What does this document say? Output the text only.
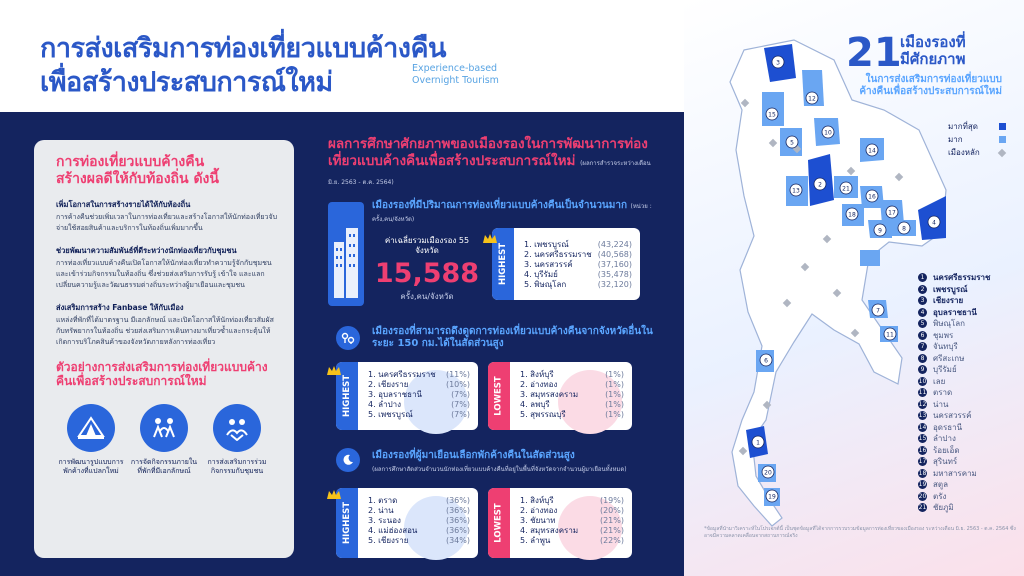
การส่งเสริมการท่องเที่ยวแบบค้างคืน
เพื่อสร้างประสบการณ์ใหม่	Experience-based
Overnight Tourism
การท่องเที่ยวแบบค้างคืน
สร้างผลดีให้กับท้องถิ่น ดังนี้
เพิ่มโอกาสในการสร้างรายได้ให้กับท้องถิ่น
การค้างคืนช่วยเพิ่มเวลาในการท่องเที่ยวและสร้างโอกาสให้นักท่องเที่ยวจับจ่ายใช้สอยสินค้าและบริการในท้องถิ่นเพิ่มมากขึ้น
ช่วยพัฒนาความสัมพันธ์ที่ดีระหว่างนักท่องเที่ยวกับชุมชน
การท่องเที่ยวแบบค้างคืนเปิดโอกาสให้นักท่องเที่ยวทำความรู้จักกับชุมชนและเข้าร่วมกิจกรรมในท้องถิ่น ซึ่งช่วยส่งเสริมการรับรู้ เข้าใจ และแลกเปลี่ยนความรู้และวัฒนธรรมต่างถิ่นระหว่างผู้มาเยือนและชุมชน
ส่งเสริมการสร้าง Fanbase ให้กับเมือง
แหล่งที่พักที่ได้มาตรฐาน มีเอกลักษณ์ และเปิดโอกาสให้นักท่องเที่ยวสัมผัสกับทรัพยากรในท้องถิ่น ช่วยส่งเสริมการเดินทางมาเที่ยวซ้ำและกระตุ้นให้เกิดการบริโภคสินค้าของจังหวัดภายหลังการท่องเที่ยว
ตัวอย่างการส่งเสริมการท่องเที่ยวแบบค้างคืนเพื่อสร้างประสบการณ์ใหม่
การพัฒนารูปแบบการพักค้างที่แปลกใหม่
การจัดกิจกรรมภายในที่พักที่มีเอกลักษณ์
การส่งเสริมการร่วมกิจกรรมกับชุมชน
ผลการศึกษาศักยภาพของเมืองรองในการพัฒนาการท่องเที่ยวแบบค้างคืนเพื่อสร้างประสบการณ์ใหม่ (ผลการสำรวจระหว่างเดือนมิ.ย. 2563 - ต.ค. 2564)
เมืองรองที่มีปริมาณการท่องเที่ยวแบบค้างคืนเป็นจำนวนมาก (หน่วย : ครั้ง,คน/จังหวัด)
ค่าเฉลี่ยรวมเมืองรอง 55 จังหวัด
15,588
ครั้ง,คน/จังหวัด
HIGHEST 1. เพชรบูรณ์	(43,224)
2. นครศรีธรรมราช (40,568)
3. นครสวรรค์	(37,160)
4. บุรีรัมย์	(35,478)
5. พิษณุโลก	(32,120)
เมืองรองที่สามารถดึงดูดการท่องเที่ยวแบบค้างคืนจากจังหวัดอื่นในระยะ 150 กม.ได้ในสัดส่วนสูง
HIGHEST
1. นครศรีธรรมราช (11%)
2. เชียงราย	(10%)
3. อุบลราชธานี	(7%)
4. ลำปาง	(7%)
5. เพชรบูรณ์	(7%)	LOWEST
1. สิงห์บุรี	(1%)
2. อ่างทอง	(1%)
3. สมุทรสงคราม	(1%)
4. ลพบุรี	(1%)
5. สุพรรณบุรี	(1%)
เมืองรองที่ผู้มาเยือนเลือกพักค้างคืนในสัดส่วนสูง
(ผลการศึกษาสัดส่วนจำนวนนักท่องเที่ยวแบบค้างคืนที่อยู่ในพื้นที่จังหวัดจากจำนวนผู้มาเยือนทั้งหมด)
HIGHEST
1. ตราด	(36%)
2. น่าน	(36%)
3. ระนอง	(36%)
4. แม่ฮ่องสอน	(36%)
5. เชียงราย	(34%)	LOWEST
1. สิงห์บุรี	(19%)
2. อ่างทอง	(20%)
3. ชัยนาท	(21%)
4. สมุทรสงคราม	(21%)
5. ลำพูน	(22%)
3
12
15
5
10
14
13
2
21
16
18
9	8
17
4
11
7
6
1
20
19
21
เมืองรองที่
มีศักยภาพ
ในการส่งเสริมการท่องเที่ยวแบบ
ค้างคืนเพื่อสร้างประสบการณ์ใหม่
มากที่สุด
มาก
เมืองหลัก
1	นครศรีธรรมราช
2	เพชรบูรณ์
3	เชียงราย
4	อุบลราชธานี
5	พิษณุโลก
6	ชุมพร
7	จันทบุรี
8	ศรีสะเกษ
9	บุรีรัมย์
10 เลย
11 ตราด
12 น่าน
13 นครสวรรค์
14 อุดรธานี
15 ลำปาง
16 ร้อยเอ็ด
17 สุรินทร์
18 มหาสารคาม
19 สตูล
20 ตรัง
21 ชัยภูมิ
*ข้อมูลที่นำมาวิเคราะห์ในโปรเจกต์นี้ เป็นชุดข้อมูลที่ได้จากการรวบรวมข้อมูลการท่องเที่ยวของเมืองรอง ระหว่างเดือน มิ.ย. 2563 - ต.ค. 2564 ซึ่งอาจมีความคลาดเคลื่อนจากสถานการณ์จริง
